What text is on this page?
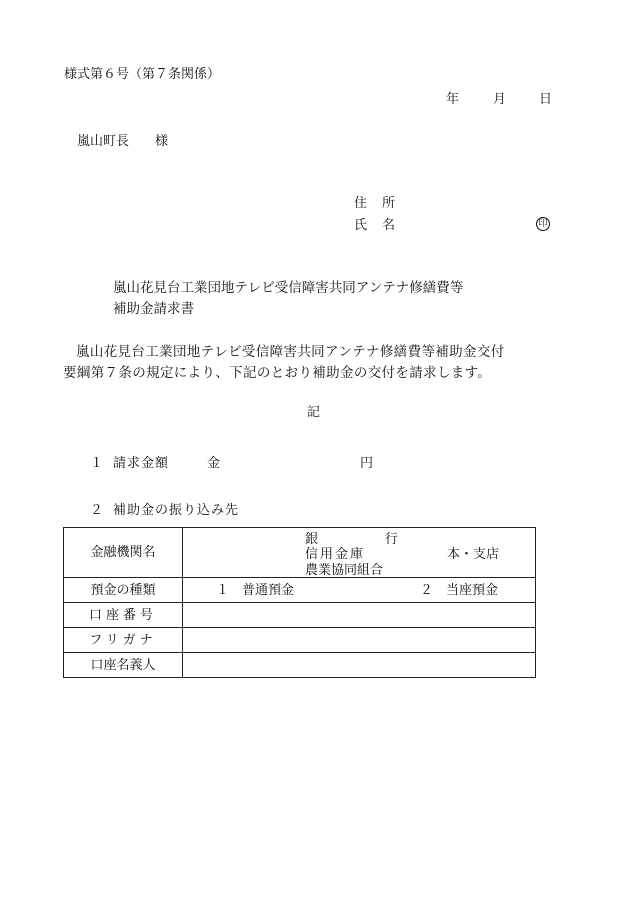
様式第６号（第７条関係）
年	月	日
嵐山町長　　様
住所
氏名	印
嵐山花見台工業団地テレビ受信障害共同アンテナ修繕費等
補助金請求書
嵐山花見台工業団地テレビ受信障害共同アンテナ修繕費等補助金交付
要綱第７条の規定により、下記のとおり補助金の交付を請求します。
記
１ 請求金額	金	円
２ 補助金の振り込み先
金融機関名	銀 行
信用金庫
農業協同組合
本・支店

預金の種類	１　普通預金 ２　当座預金

口座番号	
フリガナ	
口座名義人	
